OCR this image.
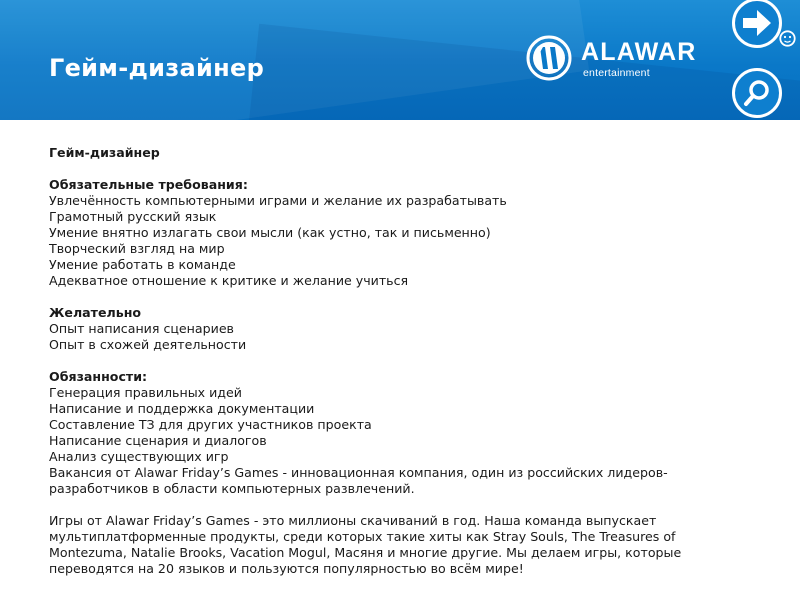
Гейм-дизайнер
ALAWAR
entertainment

Гейм-дизайнер

Обязательные требования:

Увлечённость компьютерными играми и желание их разрабатывать

Грамотный русский язык

Умение внятно излагать свои мысли (как устно, так и письменно)

Творческий взгляд на мир

Умение работать в команде

Адекватное отношение к критике и желание учиться

Желательно

Опыт написания сценариев

Опыт в схожей деятельности

Обязанности:

Генерация правильных идей

Написание и поддержка документации

Составление ТЗ для других участников проекта

Написание сценария и диалогов

Анализ существующих игр

Вакансия от Alawar Friday’s Games - инновационная компания, один из российских лидеров-разработчиков в области компьютерных развлечений.

Игры от Alawar Friday’s Games - это миллионы скачиваний в год. Наша команда выпускает мультиплатформенные продукты, среди которых такие хиты как Stray Souls, The Treasures of Montezuma, Natalie Brooks, Vacation Mogul, Масяня и многие другие. Мы делаем игры, которые переводятся на 20 языков и пользуются популярностью во всём мире!
